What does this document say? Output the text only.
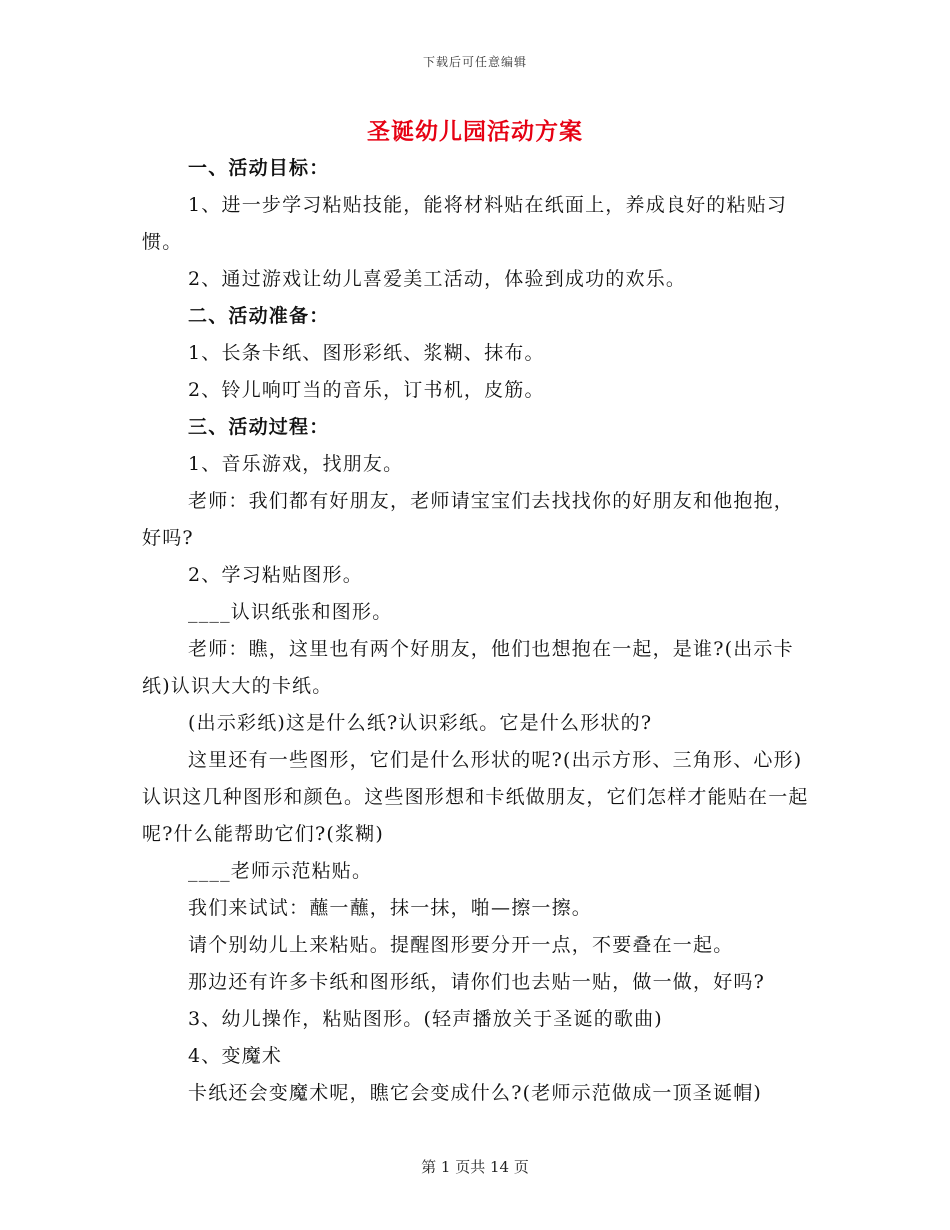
下载后可任意编辑
圣诞幼儿园活动方案

一、活动目标：

1、进一步学习粘贴技能，能将材料贴在纸面上，养成良好的粘贴习惯。

2、通过游戏让幼儿喜爱美工活动，体验到成功的欢乐。

二、活动准备：

1、长条卡纸、图形彩纸、浆糊、抹布。

2、铃儿响叮当的音乐，订书机，皮筋。

三、活动过程：

1、音乐游戏，找朋友。

老师：我们都有好朋友，老师请宝宝们去找找你的好朋友和他抱抱，好吗?

2、学习粘贴图形。

____认识纸张和图形。

老师：瞧，这里也有两个好朋友，他们也想抱在一起，是谁?(出示卡纸)认识大大的卡纸。

(出示彩纸)这是什么纸?认识彩纸。它是什么形状的?

这里还有一些图形，它们是什么形状的呢?(出示方形、三角形、心形)认识这几种图形和颜色。这些图形想和卡纸做朋友，它们怎样才能贴在一起呢?什么能帮助它们?(浆糊)

____老师示范粘贴。

我们来试试：蘸一蘸，抹一抹，啪—擦一擦。

请个别幼儿上来粘贴。提醒图形要分开一点，不要叠在一起。

那边还有许多卡纸和图形纸，请你们也去贴一贴，做一做，好吗?

3、幼儿操作，粘贴图形。(轻声播放关于圣诞的歌曲)

4、变魔术

卡纸还会变魔术呢，瞧它会变成什么?(老师示范做成一顶圣诞帽)

第 1 页共 14 页
